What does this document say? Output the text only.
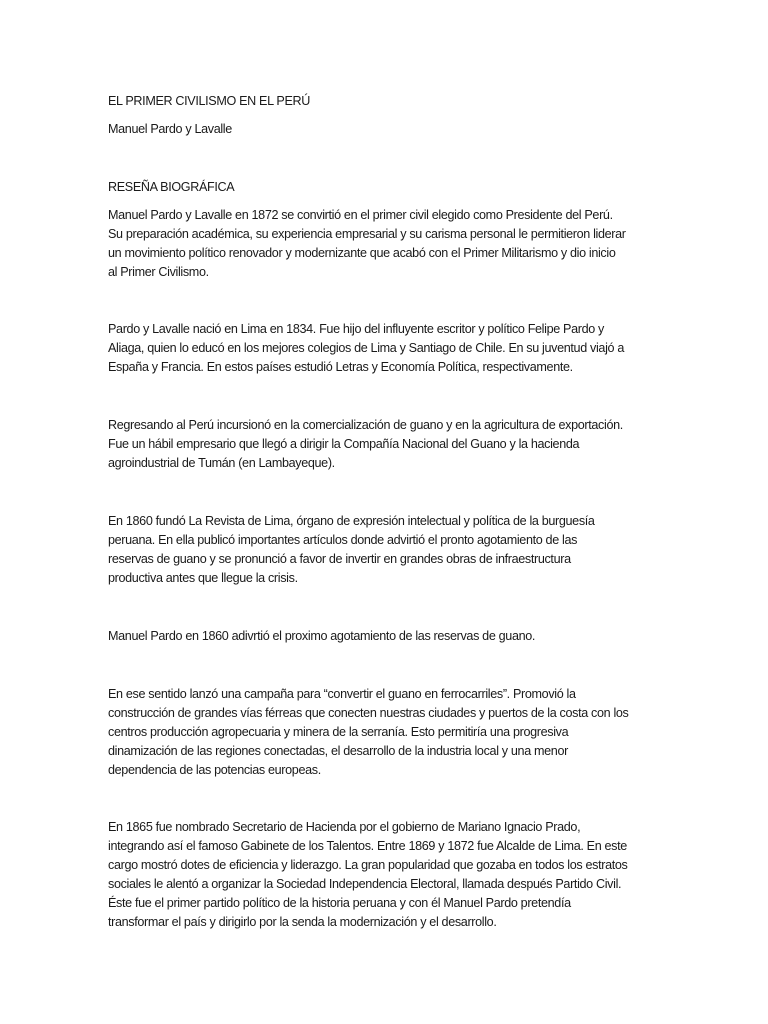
EL PRIMER CIVILISMO EN EL PERÚ
Manuel Pardo y Lavalle
RESEÑA BIOGRÁFICA
Manuel Pardo y Lavalle en 1872 se convirtió en el primer civil elegido como Presidente del Perú.
Su preparación académica, su experiencia empresarial y su carisma personal le permitieron liderar
un movimiento político renovador y modernizante que acabó con el Primer Militarismo y dio inicio
al Primer Civilismo.
Pardo y Lavalle nació en Lima en 1834. Fue hijo del influyente escritor y político Felipe Pardo y
Aliaga, quien lo educó en los mejores colegios de Lima y Santiago de Chile. En su juventud viajó a
España y Francia. En estos países estudió Letras y Economía Política, respectivamente.
Regresando al Perú incursionó en la comercialización de guano y en la agricultura de exportación.
Fue un hábil empresario que llegó a dirigir la Compañía Nacional del Guano y la hacienda
agroindustrial de Tumán (en Lambayeque).
En 1860 fundó La Revista de Lima, órgano de expresión intelectual y política de la burguesía
peruana. En ella publicó importantes artículos donde advirtió el pronto agotamiento de las
reservas de guano y se pronunció a favor de invertir en grandes obras de infraestructura
productiva antes que llegue la crisis.
Manuel Pardo en 1860 adivrtió el proximo agotamiento de las reservas de guano.
En ese sentido lanzó una campaña para “convertir el guano en ferrocarriles”. Promovió la
construcción de grandes vías férreas que conecten nuestras ciudades y puertos de la costa con los
centros producción agropecuaria y minera de la serranía. Esto permitiría una progresiva
dinamización de las regiones conectadas, el desarrollo de la industria local y una menor
dependencia de las potencias europeas.
En 1865 fue nombrado Secretario de Hacienda por el gobierno de Mariano Ignacio Prado,
integrando así el famoso Gabinete de los Talentos. Entre 1869 y 1872 fue Alcalde de Lima. En este
cargo mostró dotes de eficiencia y liderazgo. La gran popularidad que gozaba en todos los estratos
sociales le alentó a organizar la Sociedad Independencia Electoral, llamada después Partido Civil.
Éste fue el primer partido político de la historia peruana y con él Manuel Pardo pretendía
transformar el país y dirigirlo por la senda la modernización y el desarrollo.
